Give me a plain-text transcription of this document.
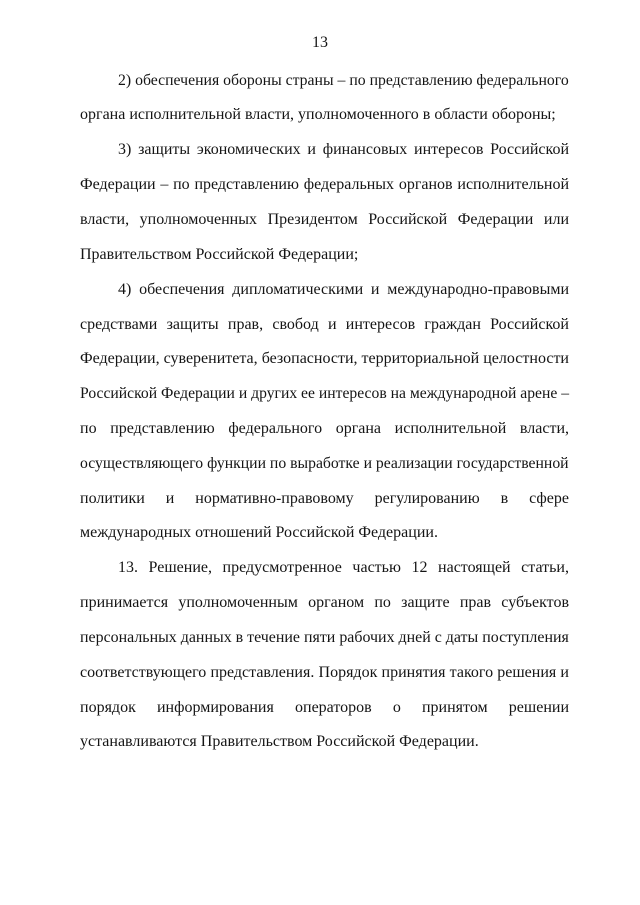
13
2) обеспечения обороны страны – по представлению федерального
органа исполнительной власти, уполномоченного в области обороны;
3) защиты экономических и финансовых интересов Российской
Федерации – по представлению федеральных органов исполнительной
власти, уполномоченных Президентом Российской Федерации или
Правительством Российской Федерации;
4) обеспечения дипломатическими и международно-правовыми
средствами защиты прав, свобод и интересов граждан Российской
Федерации, суверенитета, безопасности, территориальной целостности
Российской Федерации и других ее интересов на международной арене –
по представлению федерального органа исполнительной власти,
осуществляющего функции по выработке и реализации государственной
политики и нормативно-правовому регулированию в сфере
международных отношений Российской Федерации.
13. Решение, предусмотренное частью 12 настоящей статьи,
принимается уполномоченным органом по защите прав субъектов
персональных данных в течение пяти рабочих дней с даты поступления
соответствующего представления. Порядок принятия такого решения и
порядок информирования операторов о принятом решении
устанавливаются Правительством Российской Федерации.
